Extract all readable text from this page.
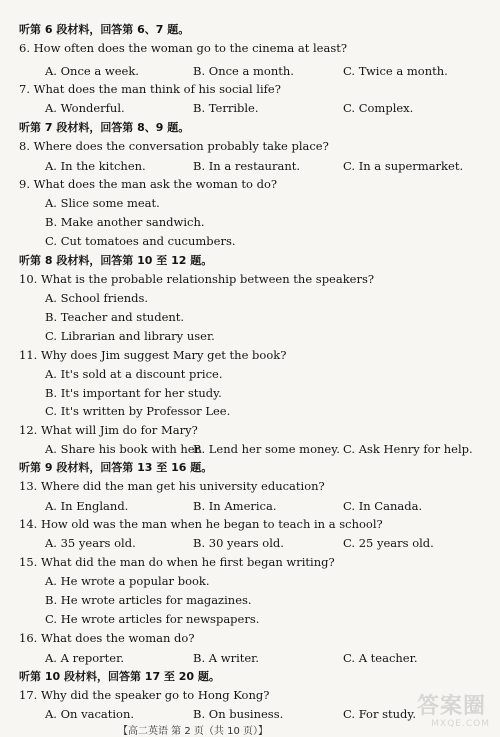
听第 6 段材料，回答第 6、7 题。
6. How often does the woman go to the cinema at least?
A. Once a week.	B. Once a month.	C. Twice a month.
7. What does the man think of his social life?
A. Wonderful.	B. Terrible.	C. Complex.
听第 7 段材料，回答第 8、9 题。
8. Where does the conversation probably take place?
A. In the kitchen.	B. In a restaurant.	C. In a supermarket.
9. What does the man ask the woman to do?
A. Slice some meat.
B. Make another sandwich.
C. Cut tomatoes and cucumbers.
听第 8 段材料，回答第 10 至 12 题。
10. What is the probable relationship between the speakers?
A. School friends.
B. Teacher and student.
C. Librarian and library user.
11. Why does Jim suggest Mary get the book?
A. It's sold at a discount price.
B. It's important for her study.
C. It's written by Professor Lee.
12. What will Jim do for Mary?
A. Share his book with her.
B. Lend her some money. C. Ask Henry for help.
听第 9 段材料，回答第 13 至 16 题。
13. Where did the man get his university education?
A. In England.	B. In America.	C. In Canada.
14. How old was the man when he began to teach in a school?
A. 35 years old.	B. 30 years old.	C. 25 years old.
15. What did the man do when he first began writing?
A. He wrote a popular book.
B. He wrote articles for magazines.
C. He wrote articles for newspapers.
16. What does the woman do?
A. A reporter.	B. A writer.	C. A teacher.
听第 10 段材料，回答第 17 至 20 题。
17. Why did the speaker go to Hong Kong?
A. On vacation.	B. On business.	C. For study.
【高二英语 第 2 页（共 10 页）】
答案圈
MXQE.COM
